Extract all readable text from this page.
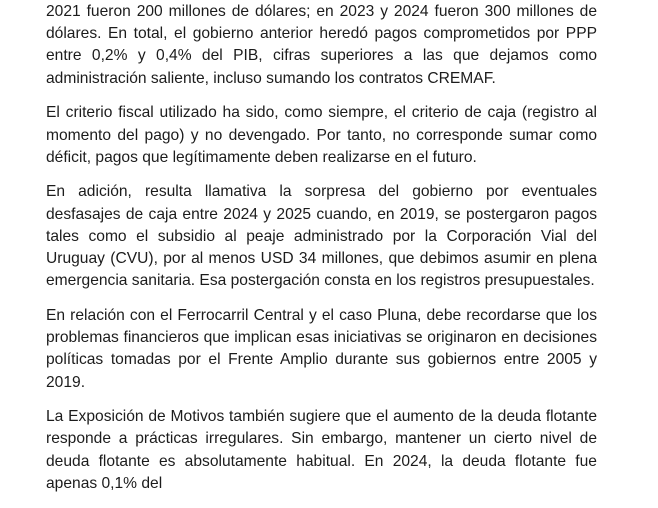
2021 fueron 200 millones de dólares; en 2023 y 2024 fueron 300 millones de dólares. En total, el gobierno anterior heredó pagos comprometidos por PPP entre 0,2% y 0,4% del PIB, cifras superiores a las que dejamos como administración saliente, incluso sumando los contratos CREMAF.

El criterio fiscal utilizado ha sido, como siempre, el criterio de caja (registro al momento del pago) y no devengado. Por tanto, no corresponde sumar como déficit, pagos que legítimamente deben realizarse en el futuro.

En adición, resulta llamativa la sorpresa del gobierno por eventuales desfasajes de caja entre 2024 y 2025 cuando, en 2019, se postergaron pagos tales como el subsidio al peaje administrado por la Corporación Vial del Uruguay (CVU), por al menos USD 34 millones, que debimos asumir en plena emergencia sanitaria. Esa postergación consta en los registros presupuestales.

En relación con el Ferrocarril Central y el caso Pluna, debe recordarse que los problemas financieros que implican esas iniciativas se originaron en decisiones políticas tomadas por el Frente Amplio durante sus gobiernos entre 2005 y 2019.

La Exposición de Motivos también sugiere que el aumento de la deuda flotante responde a prácticas irregulares. Sin embargo, mantener un cierto nivel de deuda flotante es absolutamente habitual. En 2024, la deuda flotante fue apenas 0,1% del
